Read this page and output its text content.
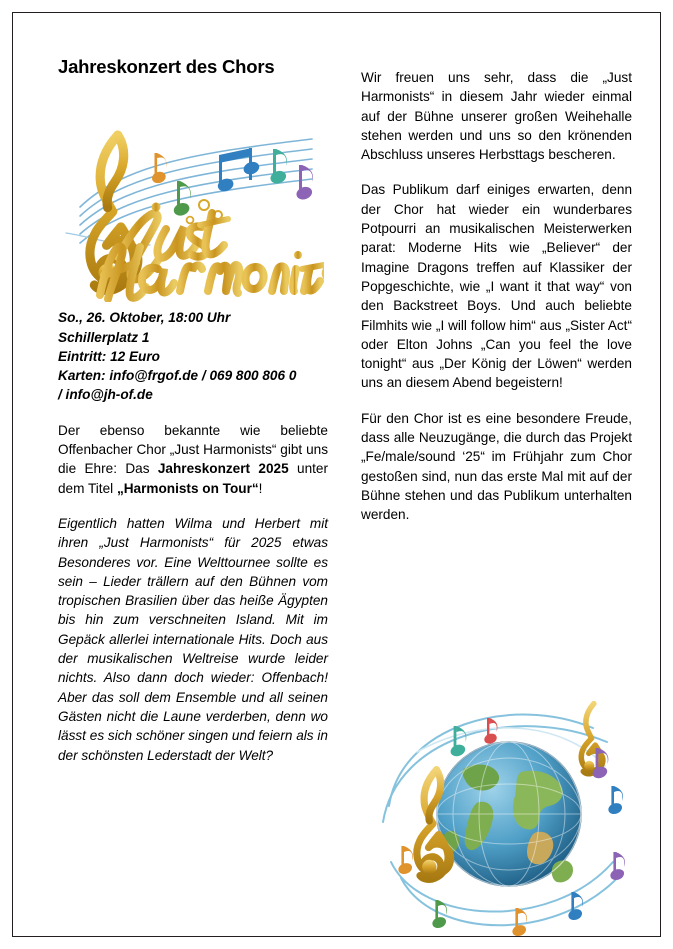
Jahreskonzert des Chors
So., 26. Oktober, 18:00 Uhr
Schillerplatz 1
Eintritt: 12 Euro
Karten: info@frgof.de / 069 800 806 0
/ info@jh-of.de

Der ebenso bekannte wie beliebte Offenbacher Chor „Just Harmonists“ gibt uns die Ehre: Das Jahreskonzert 2025 unter dem Titel „Harmonists on Tour“!

Eigentlich hatten Wilma und Herbert mit ihren „Just Harmonists“ für 2025 etwas Besonderes vor. Eine Welttournee sollte es sein – Lieder trällern auf den Bühnen vom tropischen Brasilien über das heiße Ägypten bis hin zum verschneiten Island. Mit im Gepäck allerlei internationale Hits. Doch aus der musikalischen Weltreise wurde leider nichts. Also dann doch wieder: Offenbach! Aber das soll dem Ensemble und all seinen Gästen nicht die Laune verderben, denn wo lässt es sich schöner singen und feiern als in der schönsten Lederstadt der Welt?

Wir freuen uns sehr, dass die „Just Harmonists“ in diesem Jahr wieder einmal auf der Bühne unserer großen Weihehalle stehen werden und uns so den krönenden Abschluss unseres Herbsttags bescheren.

Das Publikum darf einiges erwarten, denn der Chor hat wieder ein wunderbares Potpourri an musikalischen Meisterwerken parat: Moderne Hits wie „Believer“ der Imagine Dragons treffen auf Klassiker der Popgeschichte, wie „I want it that way“ von den Backstreet Boys. Und auch beliebte Filmhits wie „I will follow him“ aus „Sister Act“ oder Elton Johns „Can you feel the love tonight“ aus „Der König der Löwen“ werden uns an diesem Abend begeistern!

Für den Chor ist es eine besondere Freude, dass alle Neuzugänge, die durch das Projekt „Fe/male/sound ‘25“ im Frühjahr zum Chor gestoßen sind, nun das erste Mal mit auf der Bühne stehen und das Publikum unterhalten werden.
